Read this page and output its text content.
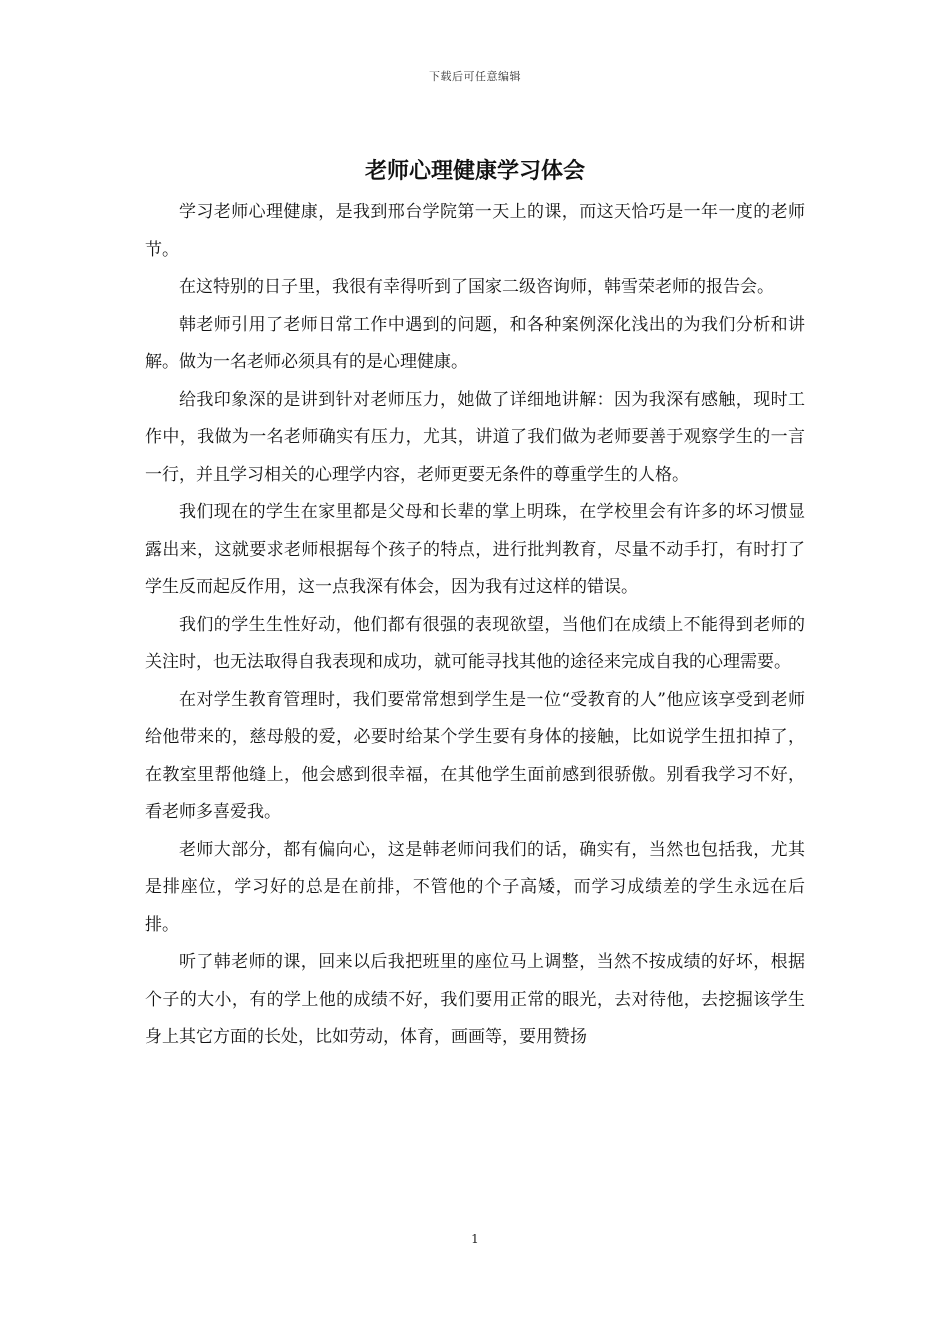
下载后可任意编辑
老师心理健康学习体会

学习老师心理健康，是我到邢台学院第一天上的课，而这天恰巧是一年一度的老师节。

在这特别的日子里，我很有幸得听到了国家二级咨询师，韩雪荣老师的报告会。

韩老师引用了老师日常工作中遇到的问题，和各种案例深化浅出的为我们分析和讲解。做为一名老师必须具有的是心理健康。

给我印象深的是讲到针对老师压力，她做了详细地讲解：因为我深有感触，现时工作中，我做为一名老师确实有压力，尤其，讲道了我们做为老师要善于观察学生的一言一行，并且学习相关的心理学内容，老师更要无条件的尊重学生的人格。

我们现在的学生在家里都是父母和长辈的掌上明珠，在学校里会有许多的坏习惯显露出来，这就要求老师根据每个孩子的特点，进行批判教育，尽量不动手打，有时打了学生反而起反作用，这一点我深有体会，因为我有过这样的错误。

我们的学生生性好动，他们都有很强的表现欲望，当他们在成绩上不能得到老师的关注时，也无法取得自我表现和成功，就可能寻找其他的途径来完成自我的心理需要。

在对学生教育管理时，我们要常常想到学生是一位“受教育的人”他应该享受到老师给他带来的，慈母般的爱，必要时给某个学生要有身体的接触，比如说学生扭扣掉了，在教室里帮他缝上，他会感到很幸福，在其他学生面前感到很骄傲。别看我学习不好，看老师多喜爱我。

老师大部分，都有偏向心，这是韩老师问我们的话，确实有，当然也包括我，尤其是排座位，学习好的总是在前排，不管他的个子高矮，而学习成绩差的学生永远在后排。

听了韩老师的课，回来以后我把班里的座位马上调整，当然不按成绩的好坏，根据个子的大小，有的学上他的成绩不好，我们要用正常的眼光，去对待他，去挖掘该学生身上其它方面的长处，比如劳动，体育，画画等，要用赞扬

1
